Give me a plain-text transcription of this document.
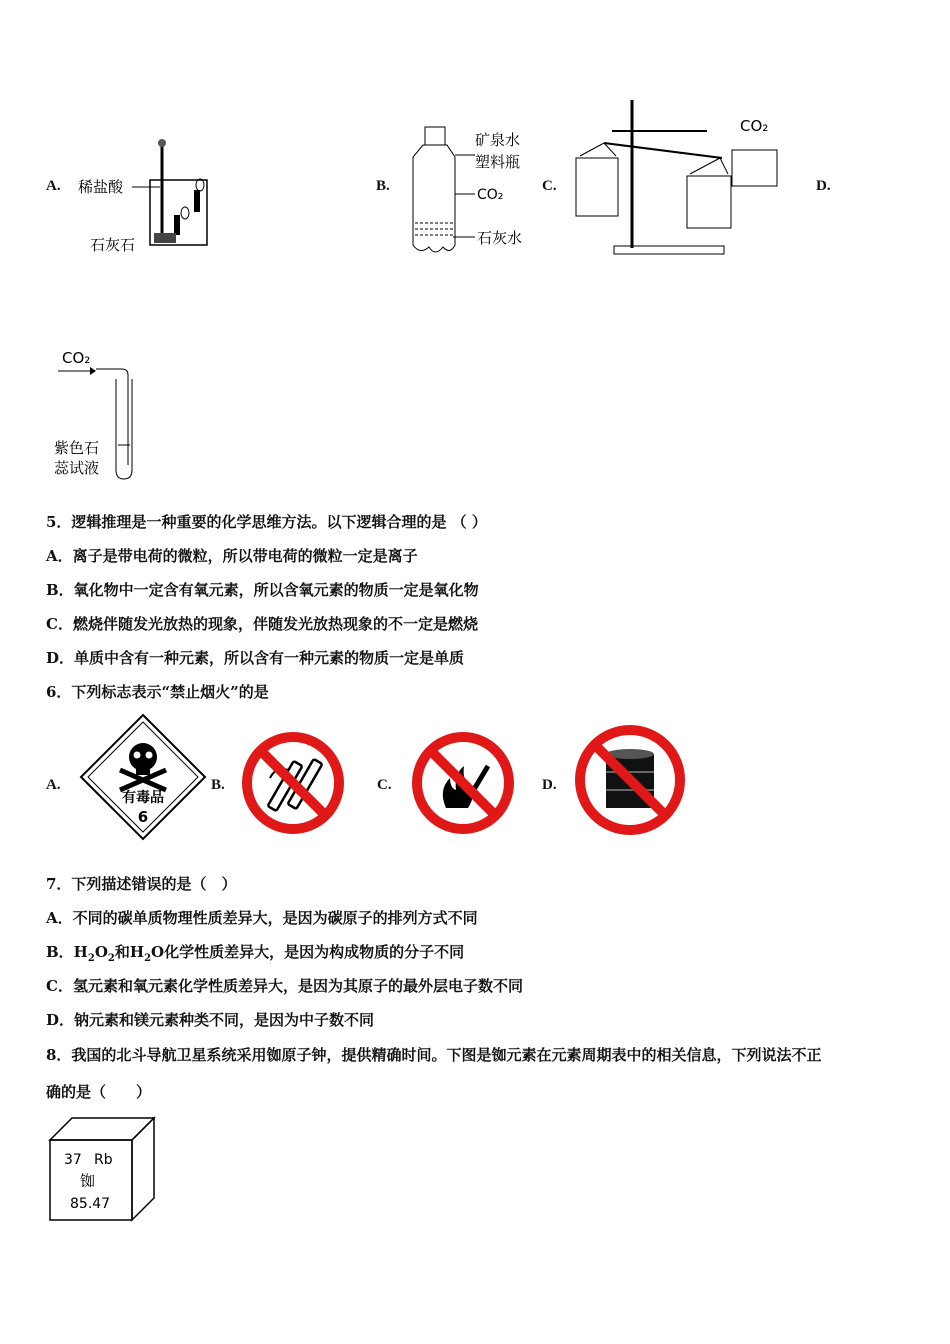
A. 稀盐酸
石灰石
B.
矿泉水
塑料瓶
CO₂
石灰水
C.
CO₂
D.
CO₂
紫色石
蕊试液
5．逻辑推理是一种重要的化学思维方法。以下逻辑合理的是 （ ）
A．离子是带电荷的微粒，所以带电荷的微粒一定是离子
B．氧化物中一定含有氧元素，所以含氧元素的物质一定是氧化物
C．燃烧伴随发光放热的现象，伴随发光放热现象的不一定是燃烧
D．单质中含有一种元素，所以含有一种元素的物质一定是单质
6．下列标志表示“禁止烟火”的是
A.
有毒品
6
B.	C.	D.
7．下列描述错误的是（　）
A．不同的碳单质物理性质差异大，是因为碳原子的排列方式不同
B．$H_2O_2$和$H_2O$化学性质差异大，是因为构成物质的分子不同
C．氢元素和氧元素化学性质差异大，是因为其原子的最外层电子数不同
D．钠元素和镁元素种类不同，是因为中子数不同
8．我国的北斗导航卫星系统采用铷原子钟，提供精确时间。下图是铷元素在元素周期表中的相关信息，下列说法不正
确的是（　　）
37 Rb
铷
85.47
